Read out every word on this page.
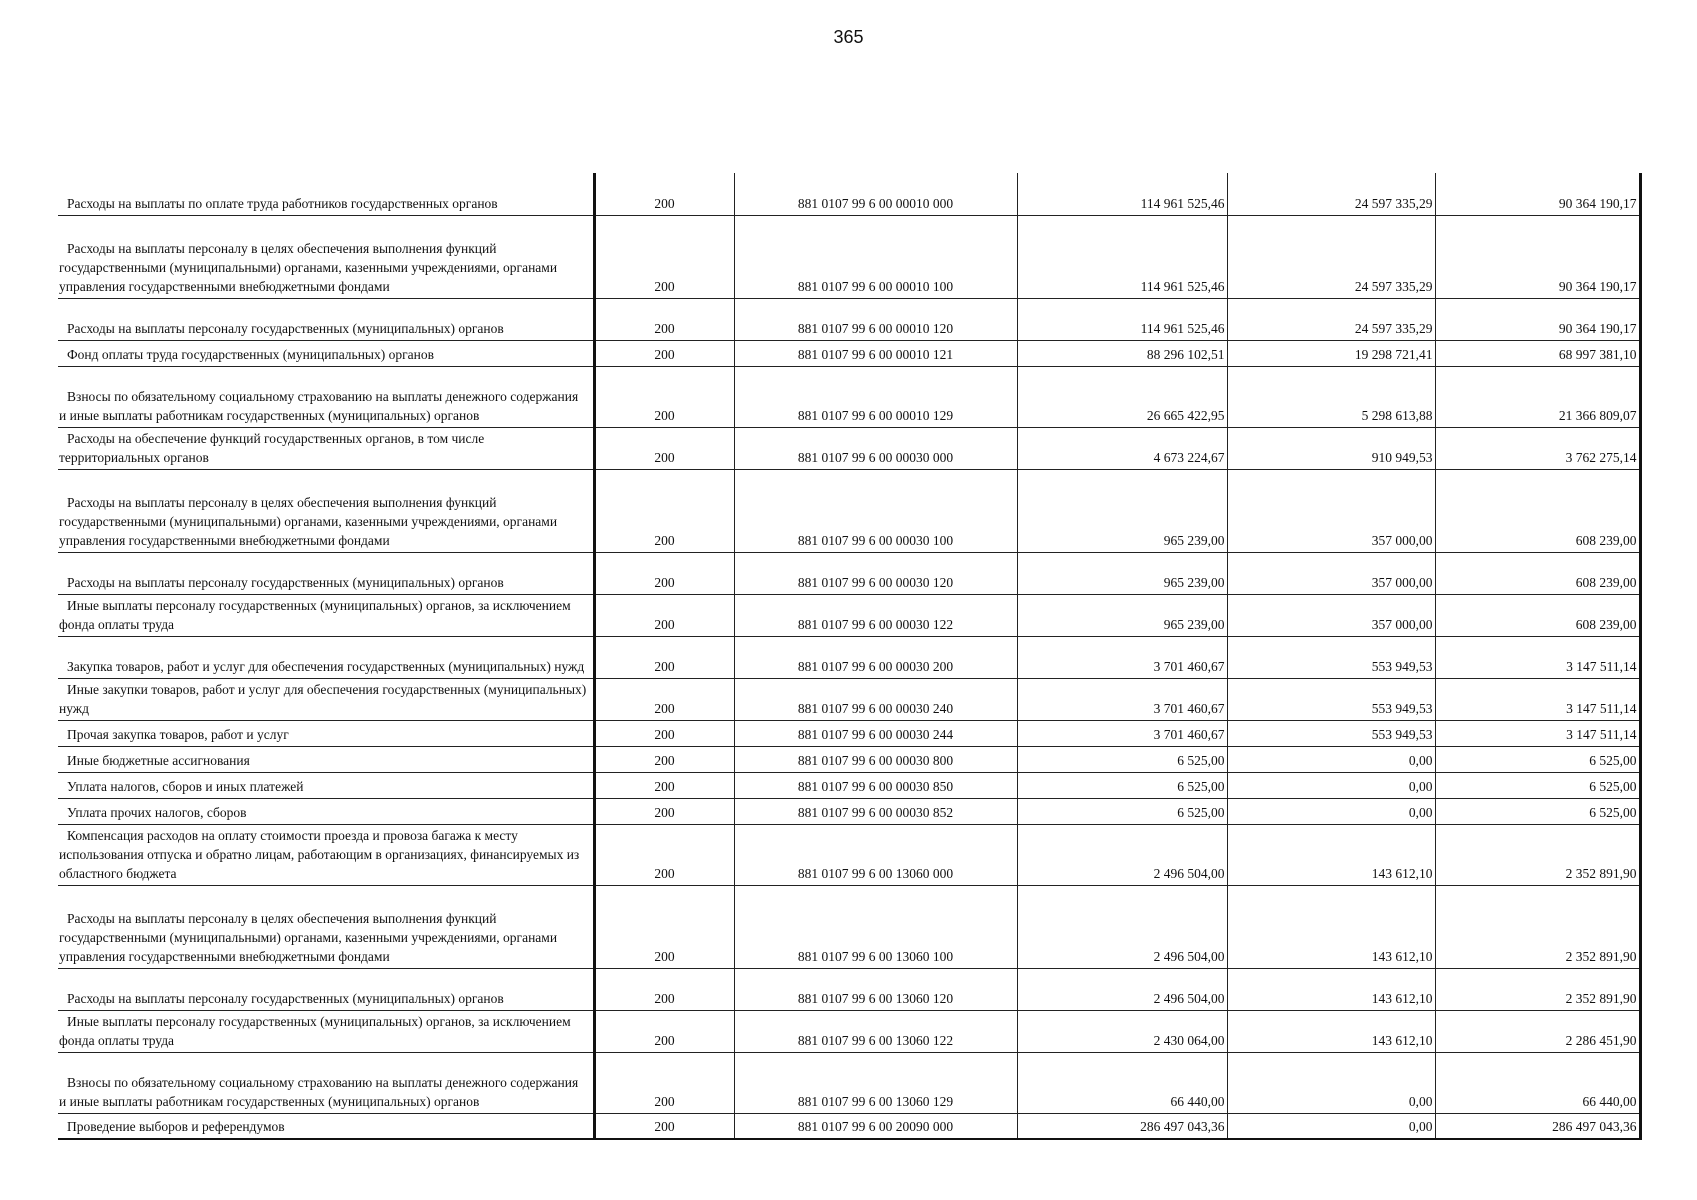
365
Расходы на выплаты по оплате труда работников государственных органов	200	881 0107 99 6 00 00010 000	114 961 525,46	24 597 335,29	90 364 190,17
Расходы на выплаты персоналу в целях обеспечения выполнения функций государственными (муниципальными) органами, казенными учреждениями, органами управления государственными внебюджетными фондами	200	881 0107 99 6 00 00010 100	114 961 525,46	24 597 335,29	90 364 190,17
Расходы на выплаты персоналу государственных (муниципальных) органов	200	881 0107 99 6 00 00010 120	114 961 525,46	24 597 335,29	90 364 190,17
Фонд оплаты труда государственных (муниципальных) органов	200	881 0107 99 6 00 00010 121	88 296 102,51	19 298 721,41	68 997 381,10
Взносы по обязательному социальному страхованию на выплаты денежного содержания и иные выплаты работникам государственных (муниципальных) органов	200	881 0107 99 6 00 00010 129	26 665 422,95	5 298 613,88	21 366 809,07
Расходы на обеспечение функций государственных органов, в том числе территориальных органов	200	881 0107 99 6 00 00030 000	4 673 224,67	910 949,53	3 762 275,14
Расходы на выплаты персоналу в целях обеспечения выполнения функций государственными (муниципальными) органами, казенными учреждениями, органами управления государственными внебюджетными фондами	200	881 0107 99 6 00 00030 100	965 239,00	357 000,00	608 239,00
Расходы на выплаты персоналу государственных (муниципальных) органов	200	881 0107 99 6 00 00030 120	965 239,00	357 000,00	608 239,00
Иные выплаты персоналу государственных (муниципальных) органов, за исключением фонда оплаты труда	200	881 0107 99 6 00 00030 122	965 239,00	357 000,00	608 239,00
Закупка товаров, работ и услуг для обеспечения государственных (муниципальных) нужд	200	881 0107 99 6 00 00030 200	3 701 460,67	553 949,53	3 147 511,14
Иные закупки товаров, работ и услуг для обеспечения государственных (муниципальных) нужд	200	881 0107 99 6 00 00030 240	3 701 460,67	553 949,53	3 147 511,14
Прочая закупка товаров, работ и услуг	200	881 0107 99 6 00 00030 244	3 701 460,67	553 949,53	3 147 511,14
Иные бюджетные ассигнования	200	881 0107 99 6 00 00030 800	6 525,00	0,00	6 525,00
Уплата налогов, сборов и иных платежей	200	881 0107 99 6 00 00030 850	6 525,00	0,00	6 525,00
Уплата прочих налогов, сборов	200	881 0107 99 6 00 00030 852	6 525,00	0,00	6 525,00
Компенсация расходов на оплату стоимости проезда и провоза багажа к месту использования отпуска и обратно лицам, работающим в организациях, финансируемых из областного бюджета	200	881 0107 99 6 00 13060 000	2 496 504,00	143 612,10	2 352 891,90
Расходы на выплаты персоналу в целях обеспечения выполнения функций государственными (муниципальными) органами, казенными учреждениями, органами управления государственными внебюджетными фондами	200	881 0107 99 6 00 13060 100	2 496 504,00	143 612,10	2 352 891,90
Расходы на выплаты персоналу государственных (муниципальных) органов	200	881 0107 99 6 00 13060 120	2 496 504,00	143 612,10	2 352 891,90
Иные выплаты персоналу государственных (муниципальных) органов, за исключением фонда оплаты труда	200	881 0107 99 6 00 13060 122	2 430 064,00	143 612,10	2 286 451,90
Взносы по обязательному социальному страхованию на выплаты денежного содержания и иные выплаты работникам государственных (муниципальных) органов	200	881 0107 99 6 00 13060 129	66 440,00	0,00	66 440,00
Проведение выборов и референдумов	200	881 0107 99 6 00 20090 000	286 497 043,36	0,00	286 497 043,36
